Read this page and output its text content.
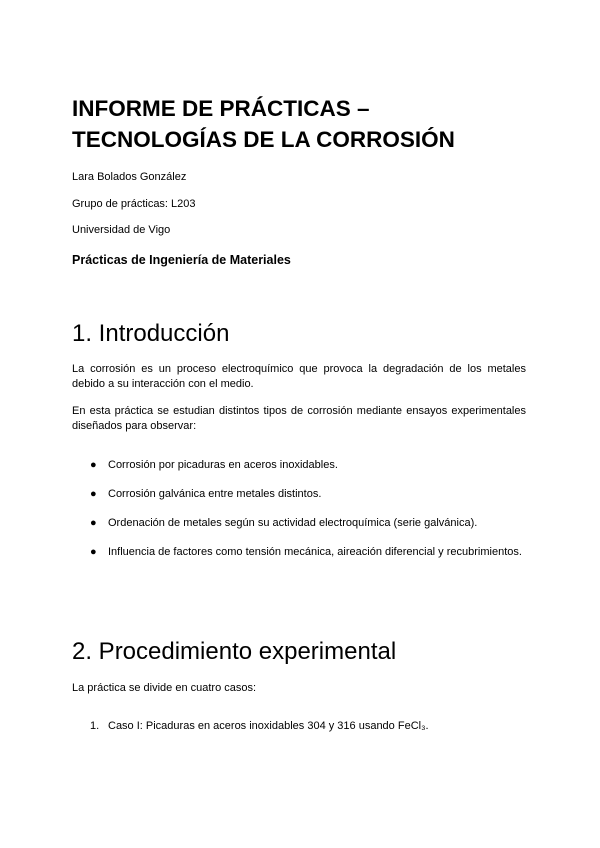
INFORME DE PRÁCTICAS –
TECNOLOGÍAS DE LA CORROSIÓN

Lara Bolados González

Grupo de prácticas: L203

Universidad de Vigo

Prácticas de Ingeniería de Materiales

1. Introducción

La corrosión es un proceso electroquímico que provoca la degradación de los metales debido a su interacción con el medio.

En esta práctica se estudian distintos tipos de corrosión mediante ensayos experimentales diseñados para observar:

● Corrosión por picaduras en aceros inoxidables.

● Corrosión galvánica entre metales distintos.

● Ordenación de metales según su actividad electroquímica (serie galvánica).

● Influencia de factores como tensión mecánica, aireación diferencial y recubrimientos.

2. Procedimiento experimental

La práctica se divide en cuatro casos:

1. Caso I: Picaduras en aceros inoxidables 304 y 316 usando FeCl₃.
